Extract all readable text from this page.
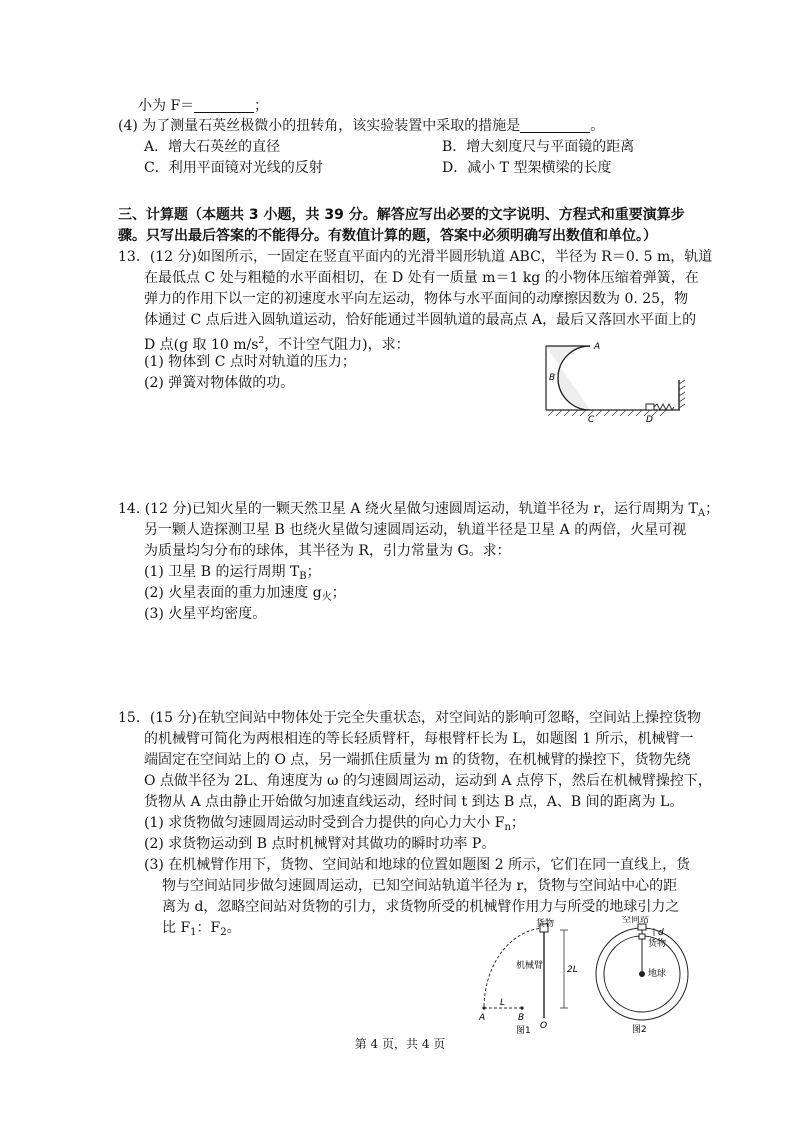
小为 F＝	；
(4) 为了测量石英丝极微小的扭转角，该实验装置中采取的措施是	。
A．增大石英丝的直径	B．增大刻度尺与平面镜的距离
C．利用平面镜对光线的反射	D．减小 T 型架横梁的长度
三、计算题（本题共 3 小题，共 39 分。解答应写出必要的文字说明、方程式和重要演算步
骤。只写出最后答案的不能得分。有数值计算的题，答案中必须明确写出数值和单位。）
13．(12 分)如图所示，一固定在竖直平面内的光滑半圆形轨道 ABC，半径为 R＝0. 5 m，轨道
在最低点 C 处与粗糙的水平面相切，在 D 处有一质量 m＝1 kg 的小物体压缩着弹簧，在
弹力的作用下以一定的初速度水平向左运动，物体与水平面间的动摩擦因数为 0. 25，物
体通过 C 点后进入圆轨道运动，恰好能通过半圆轨道的最高点 A，最后又落回水平面上的
D 点(g 取 10 $m/s^2$，不计空气阻力)，求：
(1) 物体到 C 点时对轨道的压力；
(2) 弹簧对物体做的功。
A
B
C	D
14. (12 分)已知火星的一颗天然卫星 A 绕火星做匀速圆周运动，轨道半径为 r，运行周期为 $T_A$；
另一颗人造探测卫星 B 也绕火星做匀速圆周运动，轨道半径是卫星 A 的两倍，火星可视
为质量均匀分布的球体，其半径为 R，引力常量为 G。求：
(1) 卫星 B 的运行周期 $T_B$；
(2) 火星表面的重力加速度 $g_火$；
(3) 火星平均密度。
15．(15 分)在轨空间站中物体处于完全失重状态，对空间站的影响可忽略，空间站上操控货物
的机械臂可简化为两根相连的等长轻质臂杆，每根臂杆长为 L，如题图 1 所示，机械臂一
端固定在空间站上的 O 点，另一端抓住质量为 m 的货物，在机械臂的操控下，货物先绕
O 点做半径为 2L、角速度为 ω 的匀速圆周运动，运动到 A 点停下，然后在机械臂操控下，
货物从 A 点由静止开始做匀加速直线运动，经时间 t 到达 B 点，A、B 间的距离为 L。
(1) 求货物做匀速圆周运动时受到合力提供的向心力大小 $F_n$；
(2) 求货物运动到 B 点时机械臂对其做功的瞬时功率 P。
(3) 在机械臂作用下，货物、空间站和地球的位置如题图 2 所示，它们在同一直线上，货
物与空间站同步做匀速圆周运动，已知空间站轨道半径为 r，货物与空间站中心的距
离为 d，忽略空间站对货物的引力，求货物所受的机械臂作用力与所受的地球引力之
比 $F_1$：$F_2$。	货物
机械臂	2L
A	B
L
O
图1
空间站
d
货物
地球
图2
第 4 页，共 4 页
